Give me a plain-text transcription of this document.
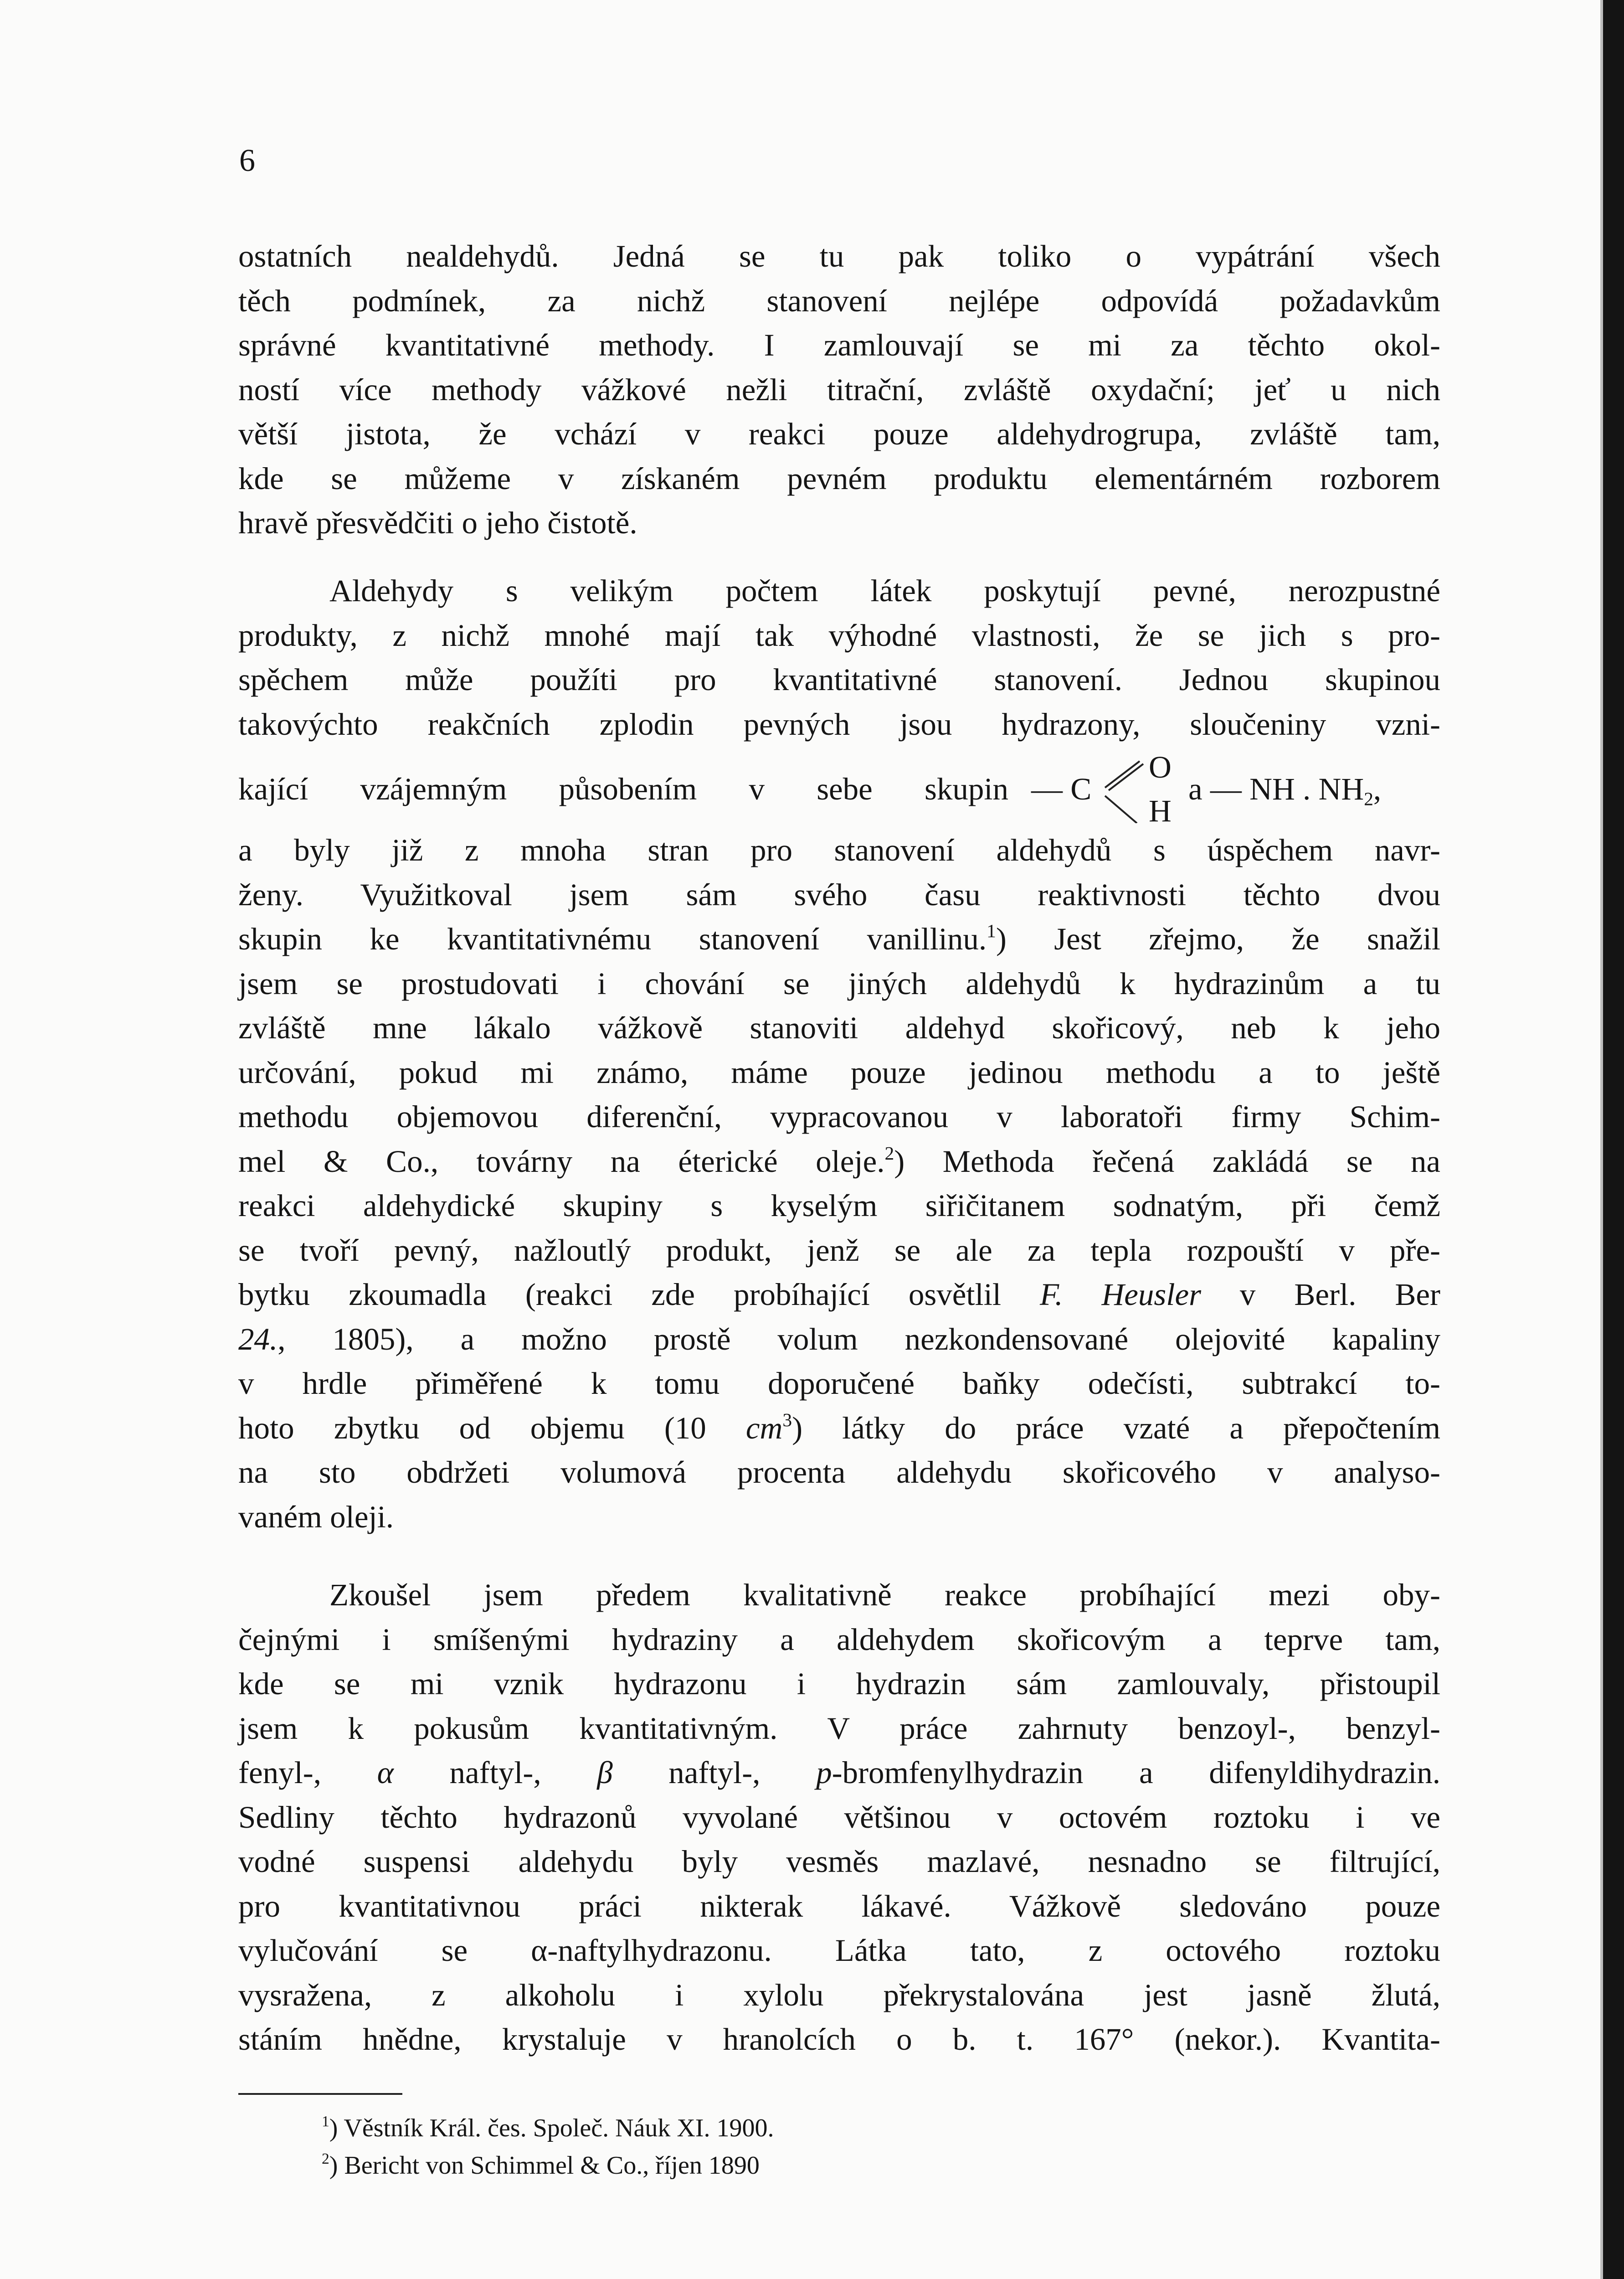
6
ostatních nealdehydů. Jedná se tu pak toliko o vypátrání všech
těch podmínek, za nichž stanovení nejlépe odpovídá požadavkům
správné kvantitativné methody. I zamlouvají se mi za těchto okol-
ností více methody vážkové nežli titrační, zvláště oxydační; jeť u nich
větší jistota, že vchází v reakci pouze aldehydrogrupa, zvláště tam,
kde se můžeme v získaném pevném produktu elementárném rozborem
hravě přesvědčiti o jeho čistotě.
Aldehydy s velikým počtem látek poskytují pevné, nerozpustné
produkty, z nichž mnohé mají tak výhodné vlastnosti, že se jich s pro-
spěchem může použíti pro kvantitativné stanovení. Jednou skupinou
takovýchto reakčních zplodin pevných jsou hydrazony, sloučeniny vzni-
kající vzájemným působením v sebe skupin — C
O
H
a — NH . $NH_2$,
a byly již z mnoha stran pro stanovení aldehydů s úspěchem navr-
ženy. Využitkoval jsem sám svého času reaktivnosti těchto dvou
skupin ke kvantitativnému stanovení vanillinu.$^1$) Jest zřejmo, že snažil
jsem se prostudovati i chování se jiných aldehydů k hydrazinům a tu
zvláště mne lákalo vážkově stanoviti aldehyd skořicový, neb k jeho
určování, pokud mi známo, máme pouze jedinou methodu a to ještě
methodu objemovou diferenční, vypracovanou v laboratoři firmy Schim-
mel & Co., továrny na éterické oleje.$^2$) Methoda řečená zakládá se na
reakci aldehydické skupiny s kyselým siřičitanem sodnatým, při čemž
se tvoří pevný, nažloutlý produkt, jenž se ale za tepla rozpouští v pře-
bytku zkoumadla (reakci zde probíhající osvětlil F. Heusler v Berl. Ber
24., 1805), a možno prostě volum nezkondensované olejovité kapaliny
v hrdle přiměřené k tomu doporučené baňky odečísti, subtrakcí to-
hoto zbytku od objemu (10 $cm^3$) látky do práce vzaté a přepočtením
na sto obdržeti volumová procenta aldehydu skořicového v analyso-
vaném oleji.
Zkoušel jsem předem kvalitativně reakce probíhající mezi oby-
čejnými i smíšenými hydraziny a aldehydem skořicovým a teprve tam,
kde se mi vznik hydrazonu i hydrazin sám zamlouvaly, přistoupil
jsem k pokusům kvantitativným. V práce zahrnuty benzoyl-, benzyl-
fenyl-, α naftyl-, β naftyl-, p-bromfenylhydrazin a difenyldihydrazin.
Sedliny těchto hydrazonů vyvolané většinou v octovém roztoku i ve
vodné suspensi aldehydu byly vesměs mazlavé, nesnadno se filtrující,
pro kvantitativnou práci nikterak lákavé. Vážkově sledováno pouze
vylučování se α-naftylhydrazonu. Látka tato, z octového roztoku
vysražena, z alkoholu i xylolu překrystalována jest jasně žlutá,
stáním hnědne, krystaluje v hranolcích o b. t. 167° (nekor.). Kvantita-
$^1$) Věstník Král. čes. Společ. Náuk XI. 1900.
$^2$) Bericht von Schimmel & Co., říjen 1890
